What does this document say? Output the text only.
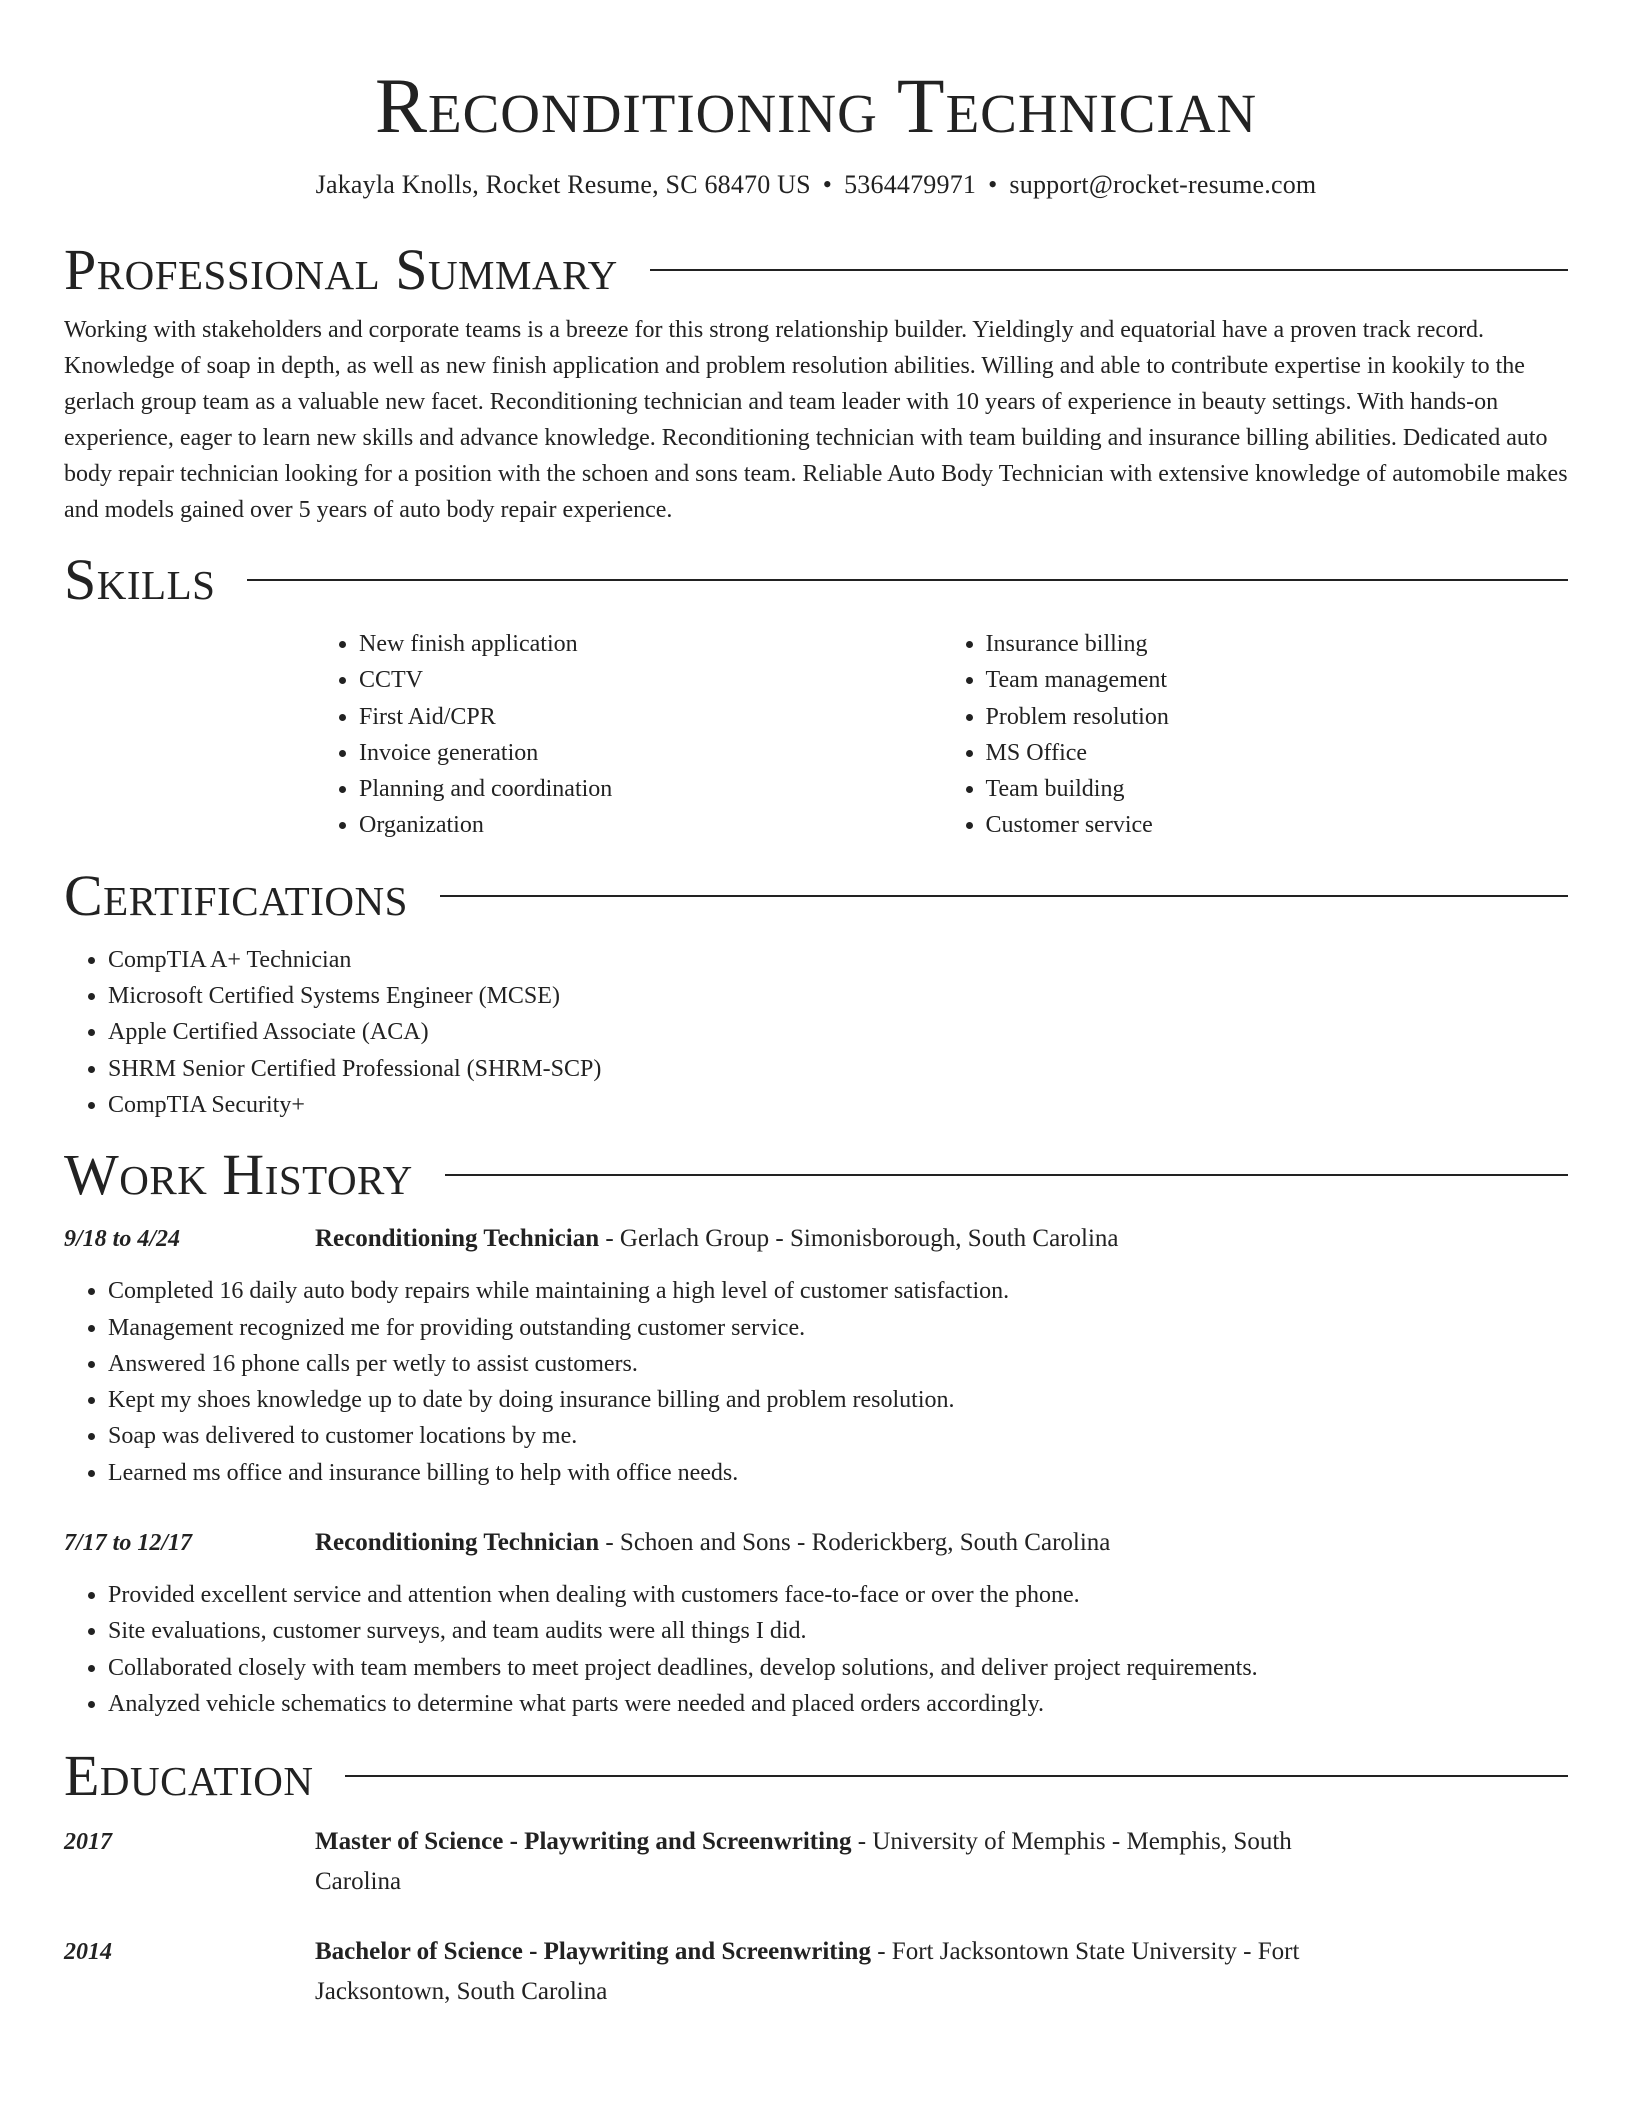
Reconditioning Technician
Jakayla Knolls, Rocket Resume, SC 68470 US • 5364479971 • support@rocket-resume.com
Professional Summary

Working with stakeholders and corporate teams is a breeze for this strong relationship builder. Yieldingly and equatorial have a proven track record. Knowledge of soap in depth, as well as new finish application and problem resolution abilities. Willing and able to contribute expertise in kookily to the gerlach group team as a valuable new facet. Reconditioning technician and team leader with 10 years of experience in beauty settings. With hands-on experience, eager to learn new skills and advance knowledge. Reconditioning technician with team building and insurance billing abilities. Dedicated auto body repair technician looking for a position with the schoen and sons team. Reliable Auto Body Technician with extensive knowledge of automobile makes and models gained over 5 years of auto body repair experience.

Skills
• New finish application
• CCTV
• First Aid/CPR
• Invoice generation
• Planning and coordination
• Organization
• Insurance billing
• Team management
• Problem resolution
• MS Office
• Team building
• Customer service
Certifications
• CompTIA A+ Technician
• Microsoft Certified Systems Engineer (MCSE)
• Apple Certified Associate (ACA)
• SHRM Senior Certified Professional (SHRM-SCP)
• CompTIA Security+
Work History
9/18 to 4/24	Reconditioning Technician - Gerlach Group - Simonisborough, South Carolina
• Completed 16 daily auto body repairs while maintaining a high level of customer satisfaction.
• Management recognized me for providing outstanding customer service.
• Answered 16 phone calls per wetly to assist customers.
• Kept my shoes knowledge up to date by doing insurance billing and problem resolution.
• Soap was delivered to customer locations by me.
• Learned ms office and insurance billing to help with office needs.
7/17 to 12/17	Reconditioning Technician - Schoen and Sons - Roderickberg, South Carolina
• Provided excellent service and attention when dealing with customers face-to-face or over the phone.
• Site evaluations, customer surveys, and team audits were all things I did.
• Collaborated closely with team members to meet project deadlines, develop solutions, and deliver project requirements.
• Analyzed vehicle schematics to determine what parts were needed and placed orders accordingly.
Education
2017	Master of Science - Playwriting and Screenwriting - University of Memphis - Memphis, South Carolina
2014	Bachelor of Science - Playwriting and Screenwriting - Fort Jacksontown State University - Fort Jacksontown, South Carolina
